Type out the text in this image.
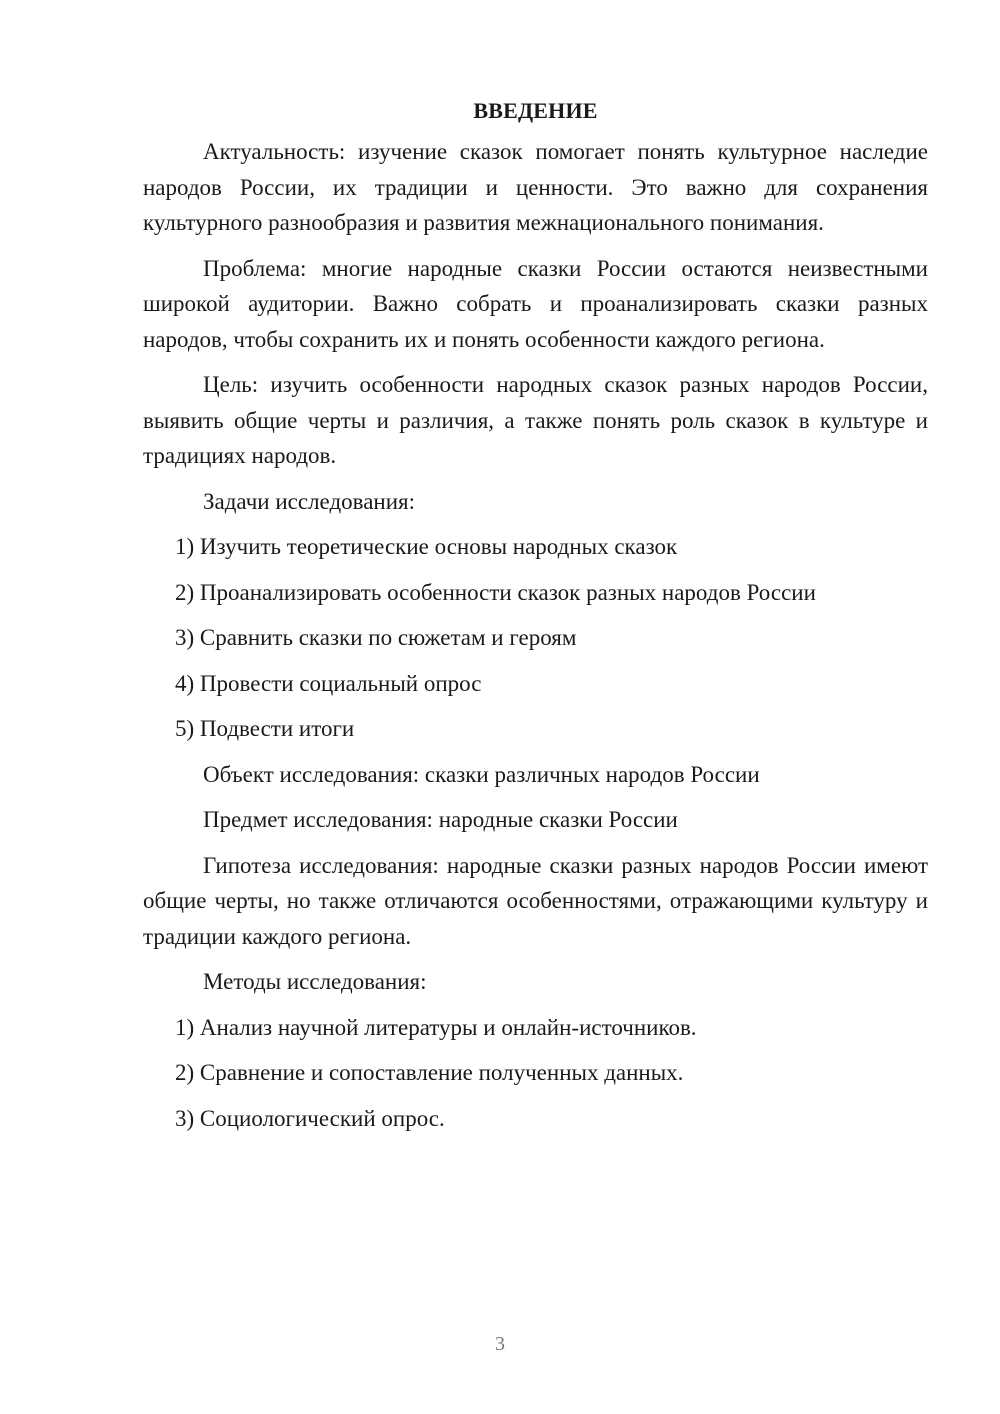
ВВЕДЕНИЕ

Актуальность: изучение сказок помогает понять культурное наследие народов России, их традиции и ценности. Это важно для сохранения культурного разнообразия и развития межнационального понимания.

Проблема: многие народные сказки России остаются неизвестными широкой аудитории. Важно собрать и проанализировать сказки разных народов, чтобы сохранить их и понять особенности каждого региона.

Цель: изучить особенности народных сказок разных народов России, выявить общие черты и различия, а также понять роль сказок в культуре и традициях народов.

Задачи исследования:
1) Изучить теоретические основы народных сказок
2) Проанализировать особенности сказок разных народов России
3) Сравнить сказки по сюжетам и героям
4) Провести социальный опрос
5) Подвести итоги
Объект исследования: сказки различных народов России
Предмет исследования: народные сказки России

Гипотеза исследования: народные сказки разных народов России имеют общие черты, но также отличаются особенностями, отражающими культуру и традиции каждого региона.

Методы исследования:
1) Анализ научной литературы и онлайн-источников.
2) Сравнение и сопоставление полученных данных.
3) Социологический опрос.
3
